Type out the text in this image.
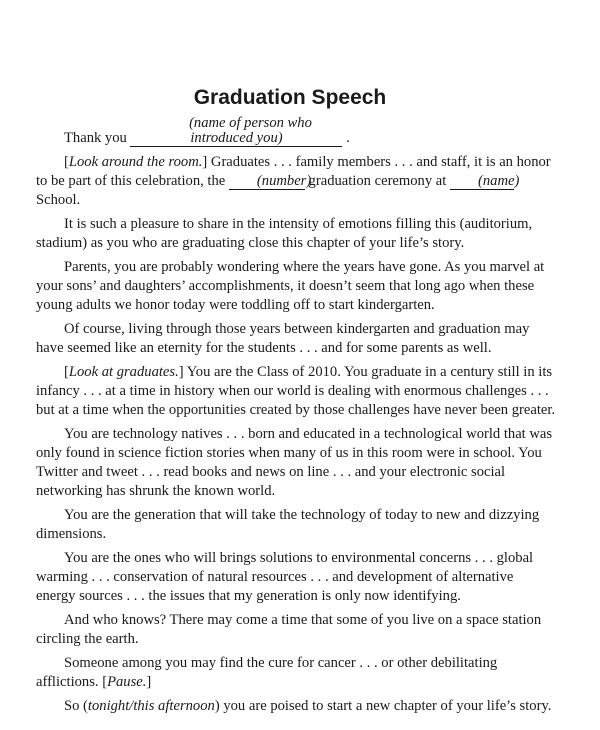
Graduation Speech

Thank you (name of person who introduced you)	.

[Look around the room.] Graduates . . . family members . . . and staff, it is an honor to be part of this celebration, the (number) graduation ceremony at (name) School.

It is such a pleasure to share in the intensity of emotions filling this (auditorium, stadium) as you who are graduating close this chapter of your life’s story.

Parents, you are probably wondering where the years have gone. As you marvel at your sons’ and daughters’ accomplishments, it doesn’t seem that long ago when these young adults we honor today were toddling off to start kindergarten.

Of course, living through those years between kindergarten and graduation may have seemed like an eternity for the students . . . and for some parents as well.

[Look at graduates.] You are the Class of 2010. You graduate in a century still in its infancy . . . at a time in history when our world is dealing with enormous challenges . . . but at a time when the opportunities created by those challenges have never been greater.

You are technology natives . . . born and educated in a technological world that was only found in science fiction stories when many of us in this room were in school. You Twitter and tweet . . . read books and news on line . . . and your electronic social networking has shrunk the known world.

You are the generation that will take the technology of today to new and dizzying dimensions.

You are the ones who will brings solutions to environmental concerns . . . global warming . . . conservation of natural resources . . . and development of alternative energy sources . . . the issues that my generation is only now identifying.

And who knows? There may come a time that some of you live on a space station circling the earth.

Someone among you may find the cure for cancer . . . or other debilitating afflictions. [Pause.]

So (tonight/this afternoon) you are poised to start a new chapter of your life’s story.
